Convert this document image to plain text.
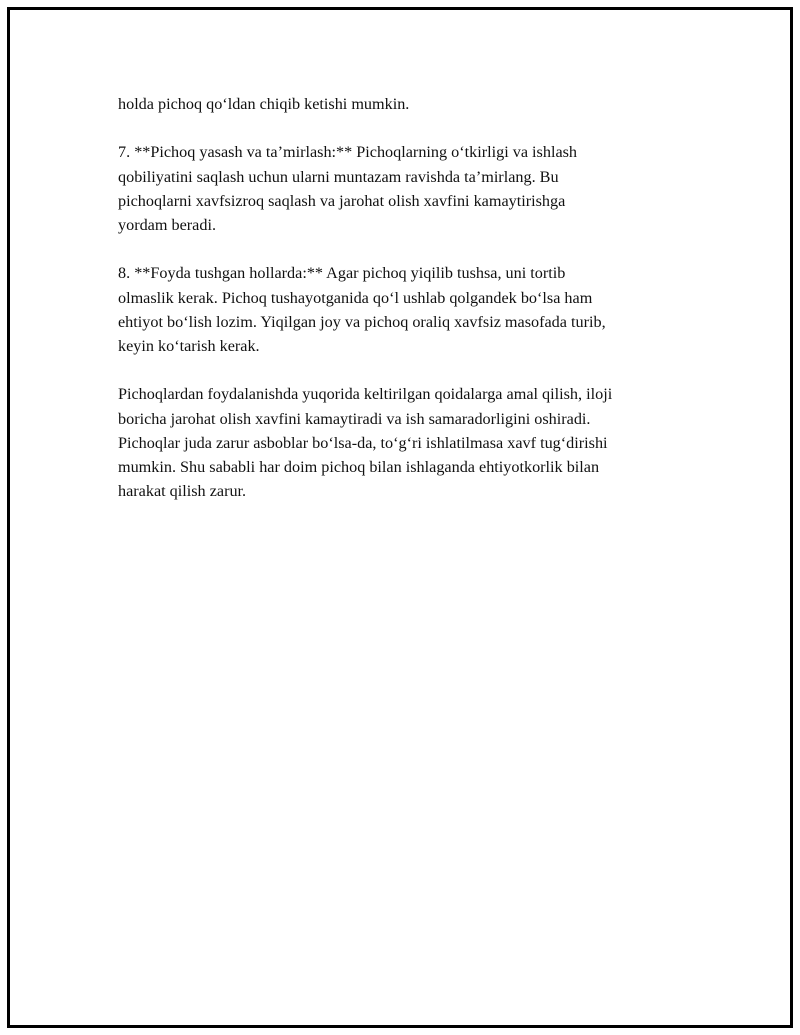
holda pichoq qo‘ldan chiqib ketishi mumkin.

7. **Pichoq yasash va ta’mirlash:** Pichoqlarning o‘tkirligi va ishlash
qobiliyatini saqlash uchun ularni muntazam ravishda ta’mirlang. Bu
pichoqlarni xavfsizroq saqlash va jarohat olish xavfini kamaytirishga
yordam beradi.

8. **Foyda tushgan hollarda:** Agar pichoq yiqilib tushsa, uni tortib
olmaslik kerak. Pichoq tushayotganida qo‘l ushlab qolgandek bo‘lsa ham
ehtiyot bo‘lish lozim. Yiqilgan joy va pichoq oraliq xavfsiz masofada turib,
keyin ko‘tarish kerak.

Pichoqlardan foydalanishda yuqorida keltirilgan qoidalarga amal qilish, iloji
boricha jarohat olish xavfini kamaytiradi va ish samaradorligini oshiradi.
Pichoqlar juda zarur asboblar bo‘lsa-da, to‘g‘ri ishlatilmasa xavf tug‘dirishi
mumkin. Shu sababli har doim pichoq bilan ishlaganda ehtiyotkorlik bilan
harakat qilish zarur.
